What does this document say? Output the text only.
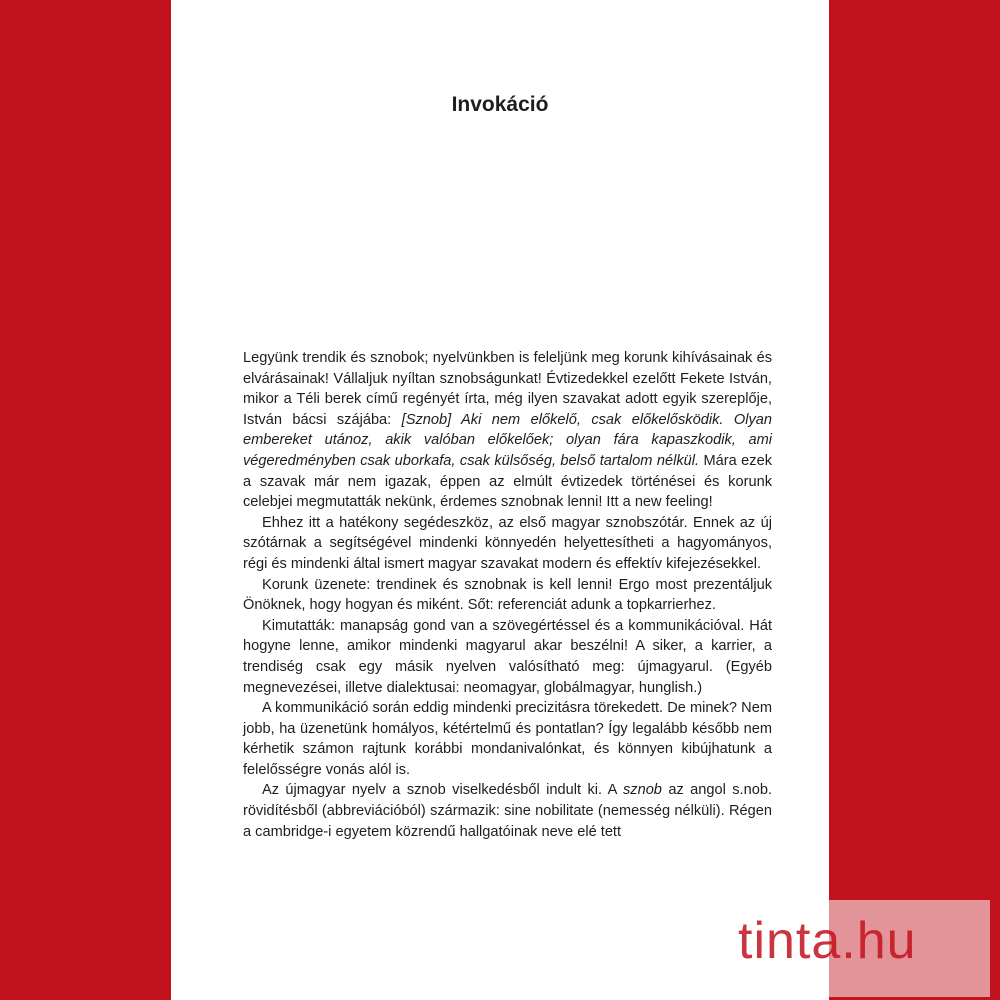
Invokáció

Legyünk trendik és sznobok; nyelvünkben is feleljünk meg korunk kihívásainak és elvárásainak! Vállaljuk nyíltan sznobságunkat! Évtizedekkel ezelőtt Fekete István, mikor a Téli berek című regényét írta, még ilyen szavakat adott egyik szereplője, István bácsi szájába: [Sznob] Aki nem előkelő, csak előkelősködik. Olyan embereket utánoz, akik valóban előkelőek; olyan fára kapaszkodik, ami végeredményben csak uborkafa, csak külsőség, belső tartalom nélkül. Mára ezek a szavak már nem igazak, éppen az elmúlt évtizedek történései és korunk celebjei megmutatták nekünk, érdemes sznobnak lenni! Itt a new feeling!

Ehhez itt a hatékony segédeszköz, az első magyar sznobszótár. Ennek az új szótárnak a segítségével mindenki könnyedén helyettesítheti a hagyományos, régi és mindenki által ismert magyar szavakat modern és effektív kifejezésekkel.

Korunk üzenete: trendinek és sznobnak is kell lenni! Ergo most prezentáljuk Önöknek, hogy hogyan és miként. Sőt: referenciát adunk a topkarrierhez.

Kimutatták: manapság gond van a szövegértéssel és a kommunikációval. Hát hogyne lenne, amikor mindenki magyarul akar beszélni! A siker, a karrier, a trendiség csak egy másik nyelven valósítható meg: újmagyarul. (Egyéb megnevezései, illetve dialektusai: neomagyar, globálmagyar, hunglish.)

A kommunikáció során eddig mindenki precizitásra törekedett. De minek? Nem jobb, ha üzenetünk homályos, kétértelmű és pontatlan? Így legalább később nem kérhetik számon rajtunk korábbi mondanivalónkat, és könnyen kibújhatunk a felelősségre vonás alól is.

Az újmagyar nyelv a sznob viselkedésből indult ki. A sznob az angol s.nob. rövidítésből (abbreviációból) származik: sine nobilitate (nemesség nélküli). Régen a cambridge-i egyetem közrendű hallgatóinak neve elé tett

tinta.hu
